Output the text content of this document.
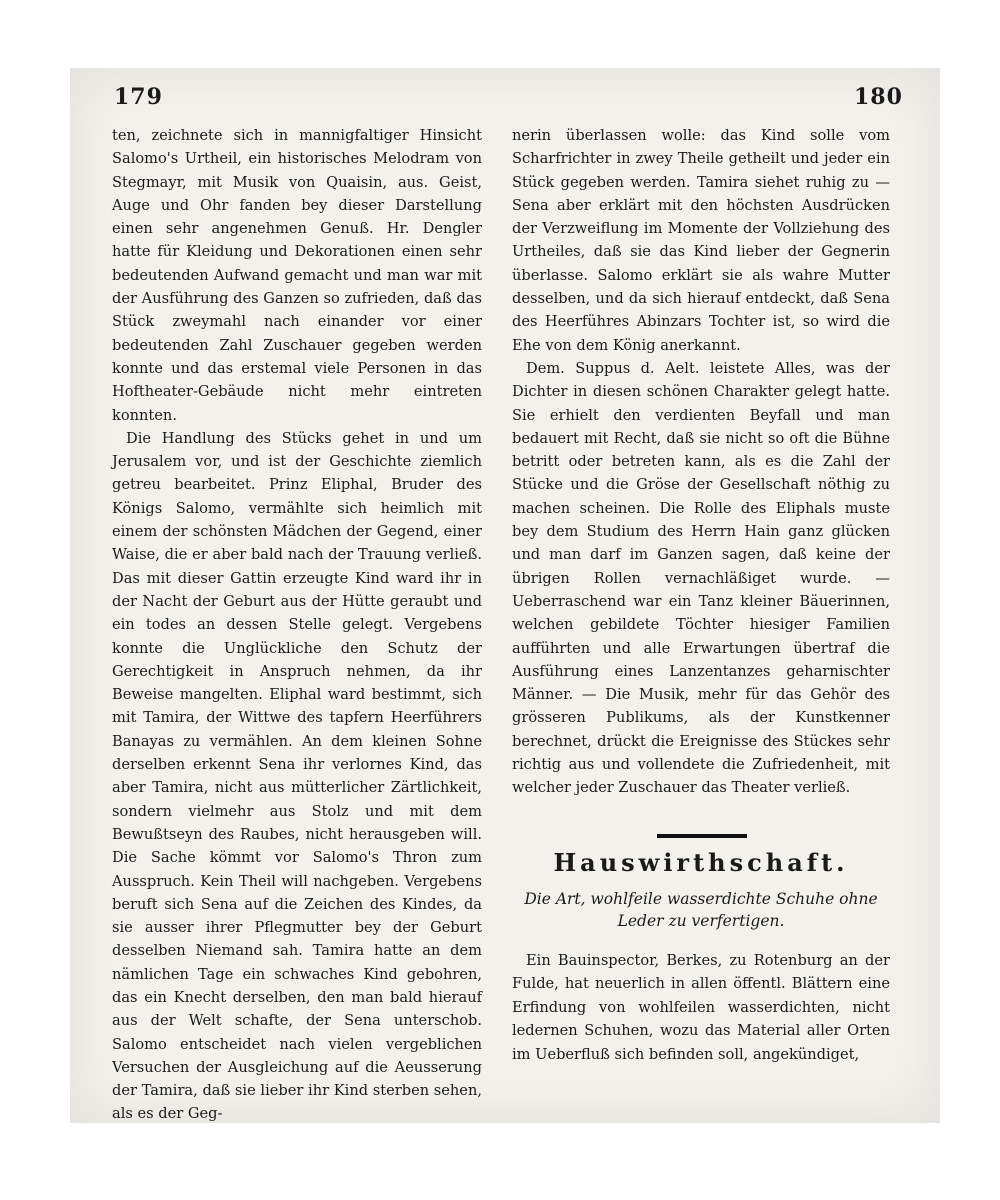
179	180

ten, zeichnete sich in mannigfaltiger Hinsicht Salomo's Urtheil, ein historisches Melodram von Stegmayr, mit Musik von Quaisin, aus. Geist, Auge und Ohr fanden bey dieser Darstellung einen sehr angenehmen Genuß. Hr. Dengler hatte für Kleidung und Dekorationen einen sehr bedeutenden Aufwand gemacht und man war mit der Ausführung des Ganzen so zufrieden, daß das Stück zweymahl nach einander vor einer bedeutenden Zahl Zuschauer gegeben werden konnte und das erstemal viele Personen in das Hoftheater-Gebäude nicht mehr eintreten konnten.

Die Handlung des Stücks gehet in und um Jerusalem vor, und ist der Geschichte ziemlich getreu bearbeitet. Prinz Eliphal, Bruder des Königs Salomo, vermählte sich heimlich mit einem der schönsten Mädchen der Gegend, einer Waise, die er aber bald nach der Trauung verließ. Das mit dieser Gattin erzeugte Kind ward ihr in der Nacht der Geburt aus der Hütte geraubt und ein todes an dessen Stelle gelegt. Vergebens konnte die Unglückliche den Schutz der Gerechtigkeit in Anspruch nehmen, da ihr Beweise mangelten. Eliphal ward bestimmt, sich mit Tamira, der Wittwe des tapfern Heerführers Banayas zu vermählen. An dem kleinen Sohne derselben erkennt Sena ihr verlornes Kind, das aber Tamira, nicht aus mütterlicher Zärtlichkeit, sondern vielmehr aus Stolz und mit dem Bewußtseyn des Raubes, nicht herausgeben will. Die Sache kömmt vor Salomo's Thron zum Ausspruch. Kein Theil will nachgeben. Vergebens beruft sich Sena auf die Zeichen des Kindes, da sie ausser ihrer Pflegmutter bey der Geburt desselben Niemand sah. Tamira hatte an dem nämlichen Tage ein schwaches Kind gebohren, das ein Knecht derselben, den man bald hierauf aus der Welt schafte, der Sena unterschob. Salomo entscheidet nach vielen vergeblichen Versuchen der Ausgleichung auf die Aeusserung der Tamira, daß sie lieber ihr Kind sterben sehen, als es der Geg-

nerin überlassen wolle: das Kind solle vom Scharfrichter in zwey Theile getheilt und jeder ein Stück gegeben werden. Tamira siehet ruhig zu — Sena aber erklärt mit den höchsten Ausdrücken der Verzweiflung im Momente der Vollziehung des Urtheiles, daß sie das Kind lieber der Gegnerin überlasse. Salomo erklärt sie als wahre Mutter desselben, und da sich hierauf entdeckt, daß Sena des Heerführes Abinzars Tochter ist, so wird die Ehe von dem König anerkannt.

Dem. Suppus d. Aelt. leistete Alles, was der Dichter in diesen schönen Charakter gelegt hatte. Sie erhielt den verdienten Beyfall und man bedauert mit Recht, daß sie nicht so oft die Bühne betritt oder betreten kann, als es die Zahl der Stücke und die Gröse der Gesellschaft nöthig zu machen scheinen. Die Rolle des Eliphals muste bey dem Studium des Herrn Hain ganz glücken und man darf im Ganzen sagen, daß keine der übrigen Rollen vernachläßiget wurde. — Ueberraschend war ein Tanz kleiner Bäuerinnen, welchen gebildete Töchter hiesiger Familien aufführten und alle Erwartungen übertraf die Ausführung eines Lanzentanzes geharnischter Männer. — Die Musik, mehr für das Gehör des grösseren Publikums, als der Kunstkenner berechnet, drückt die Ereignisse des Stückes sehr richtig aus und vollendete die Zufriedenheit, mit welcher jeder Zuschauer das Theater verließ.

Hauswirthschaft.
Die Art, wohlfeile wasserdichte Schuhe ohne Leder zu verfertigen.

Ein Bauinspector, Berkes, zu Rotenburg an der Fulde, hat neuerlich in allen öffentl. Blättern eine Erfindung von wohlfeilen wasserdichten, nicht ledernen Schuhen, wozu das Material aller Orten im Ueberfluß sich befinden soll, angekündiget,
